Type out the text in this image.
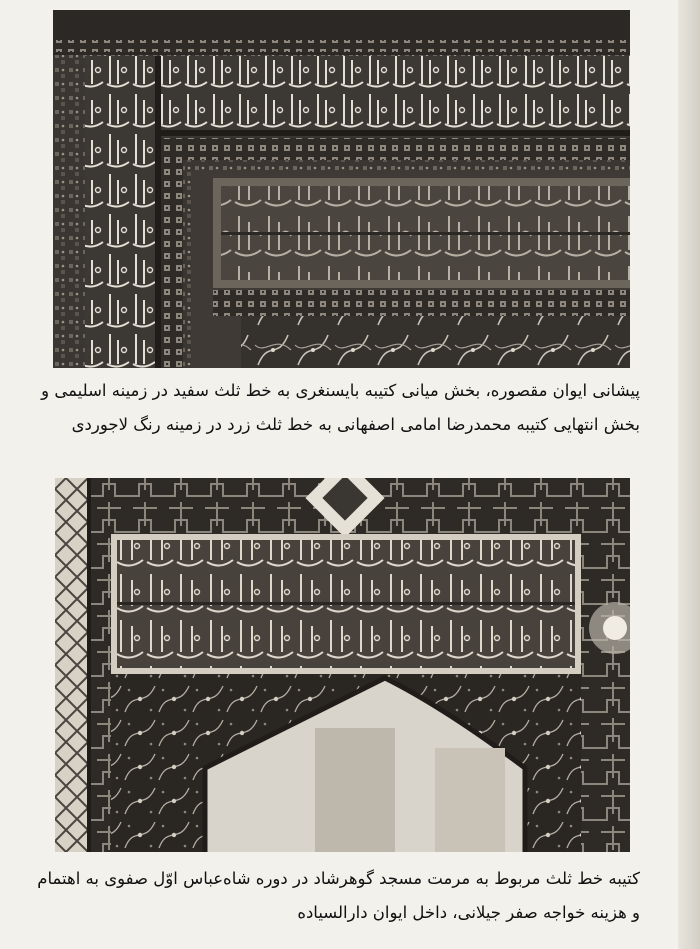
پیشانی ایوان مقصوره، بخش میانی کتیبه بایسنغری به خط ثلث سفید در زمینه اسلیمی و

بخش انتهایی کتیبه محمدرضا امامی اصفهانی به خط ثلث زرد در زمینه رنگ لاجوردی

کتیبه خط ثلث مربوط به مرمت مسجد گوهرشاد در دوره شاه‌عباس اوّل صفوی به اهتمام

و هزینه خواجه صفر جیلانی، داخل ایوان دارالسیاده
